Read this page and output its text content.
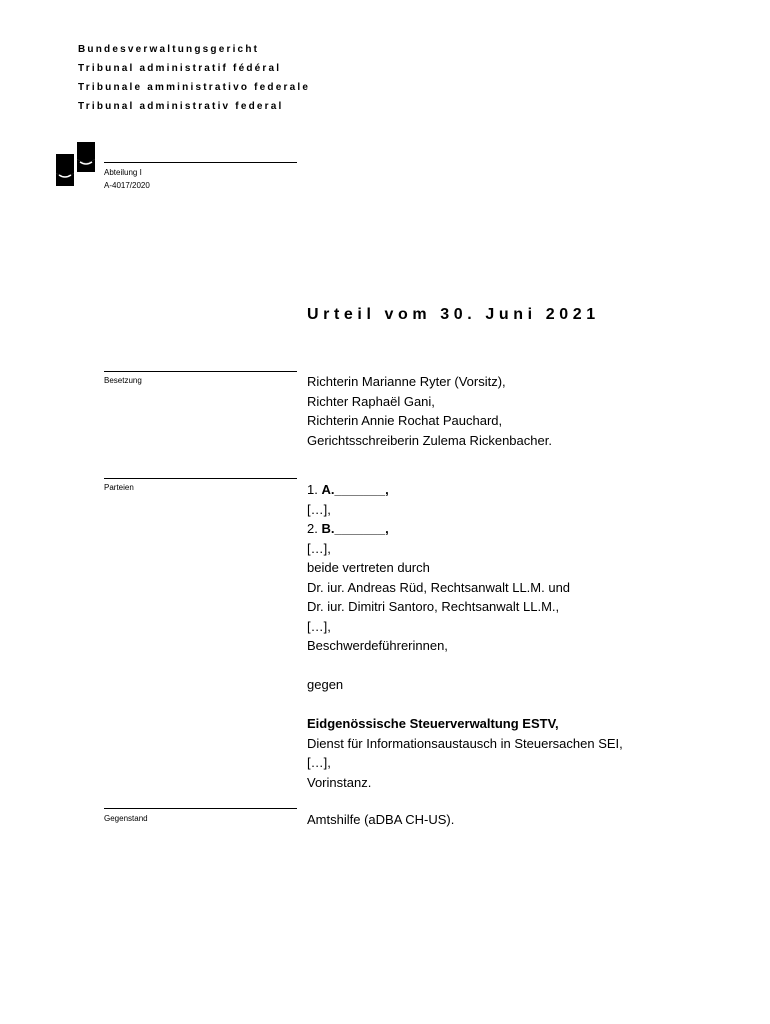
Bundesverwaltungsgericht
Tribunal administratif fédéral
Tribunale amministrativo federale
Tribunal administrativ federal
Abteilung I
A-4017/2020
Urteil vom 30. Juni 2021
Besetzung	Richterin Marianne Ryter (Vorsitz),
Richter Raphaël Gani,
Richterin Annie Rochat Pauchard,
Gerichtsschreiberin Zulema Rickenbacher.
Parteien	1. A._______,
[…],
2. B._______,
[…],
beide vertreten durch
Dr. iur. Andreas Rüd, Rechtsanwalt LL.M. und
Dr. iur. Dimitri Santoro, Rechtsanwalt LL.M.,
[…],
Beschwerdeführerinnen,
gegen
Eidgenössische Steuerverwaltung ESTV,
Dienst für Informationsaustausch in Steuersachen SEI,
[…],
Vorinstanz.
Gegenstand	Amtshilfe (aDBA CH-US).
